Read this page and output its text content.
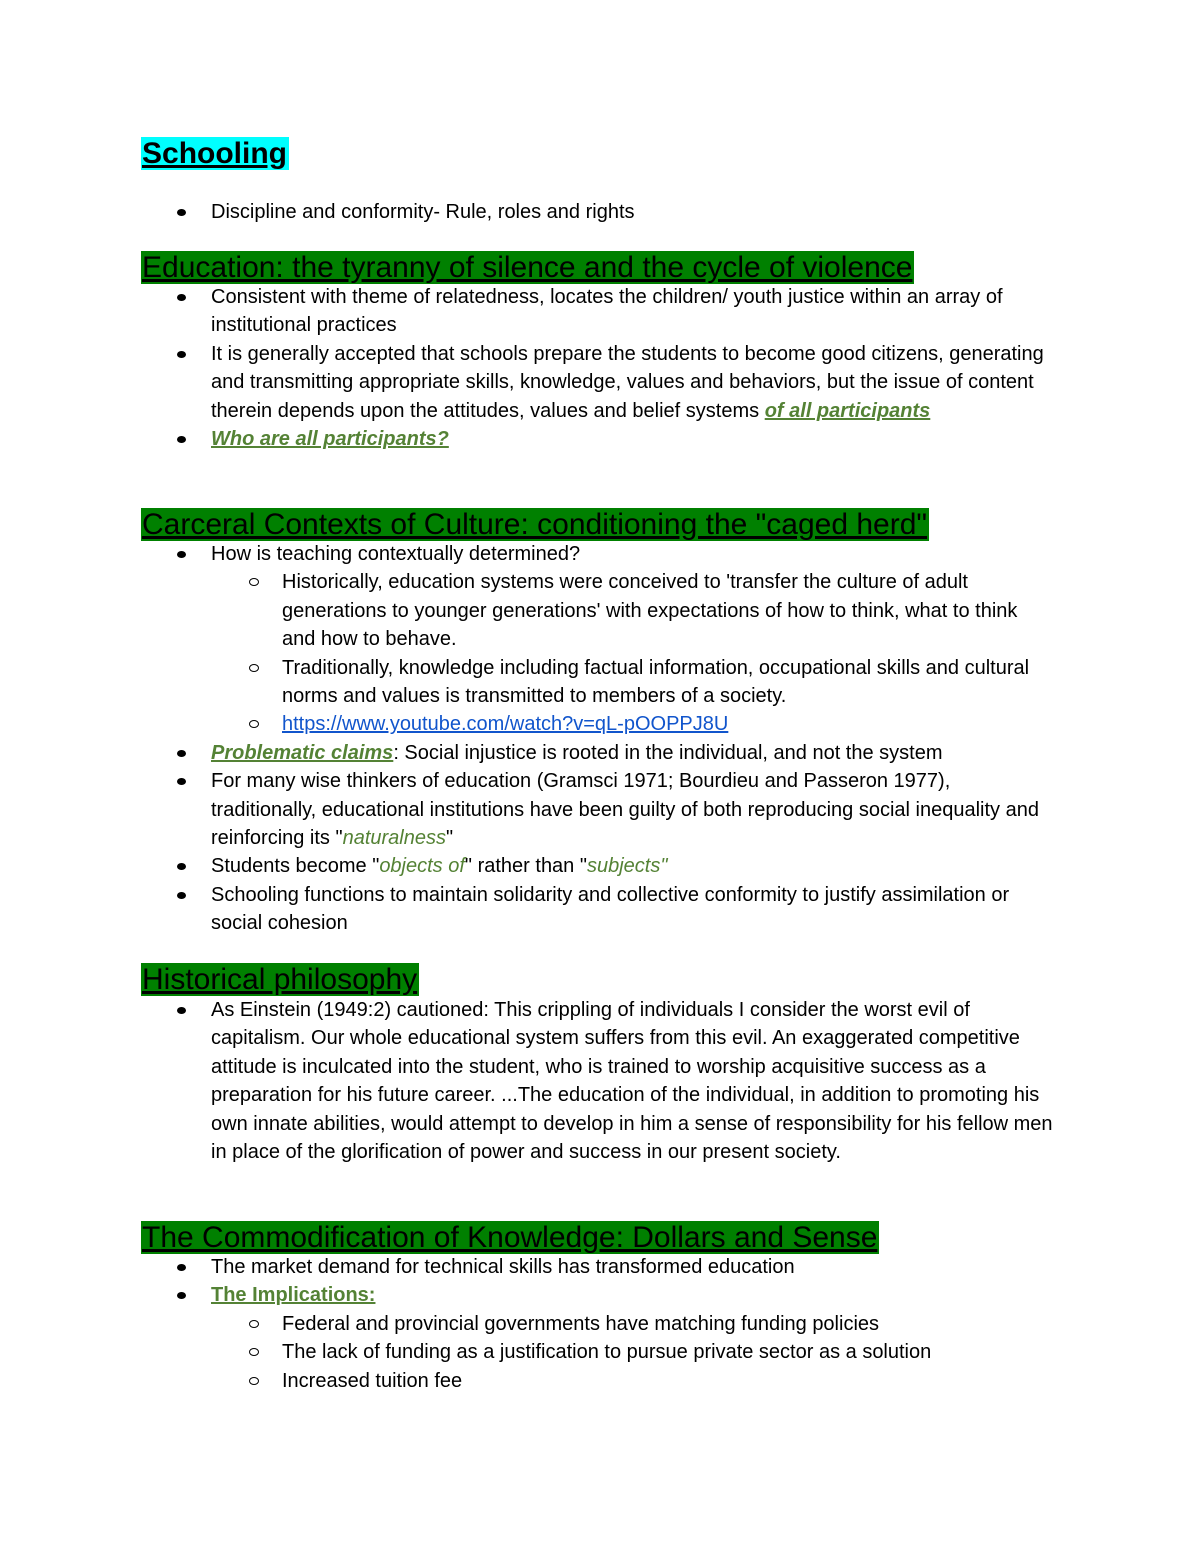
Schooling
Discipline and conformity- Rule, roles and rights
Education: the tyranny of silence and the cycle of violence
Consistent with theme of relatedness, locates the children/ youth justice within an array of institutional practices
It is generally accepted that schools prepare the students to become good citizens, generating and transmitting appropriate skills, knowledge, values and behaviors, but the issue of content therein depends upon the attitudes, values and belief systems of all participants
Who are all participants?
Carceral Contexts of Culture: conditioning the "caged herd"
How is teaching contextually determined?
Historically, education systems were conceived to 'transfer the culture of adult generations to younger generations' with expectations of how to think, what to think and how to behave.
Traditionally, knowledge including factual information, occupational skills and cultural norms and values is transmitted to members of a society.
https://www.youtube.com/watch?v=qL-pOOPPJ8U
Problematic claims: Social injustice is rooted in the individual, and not the system
For many wise thinkers of education (Gramsci 1971; Bourdieu and Passeron 1977), traditionally, educational institutions have been guilty of both reproducing social inequality and reinforcing its "naturalness"
Students become "objects of" rather than "subjects"
Schooling functions to maintain solidarity and collective conformity to justify assimilation or social cohesion
Historical philosophy
As Einstein (1949:2) cautioned: This crippling of individuals I consider the worst evil of capitalism. Our whole educational system suffers from this evil. An exaggerated competitive attitude is inculcated into the student, who is trained to worship acquisitive success as a preparation for his future career. ...The education of the individual, in addition to promoting his own innate abilities, would attempt to develop in him a sense of responsibility for his fellow men in place of the glorification of power and success in our present society.
The Commodification of Knowledge: Dollars and Sense
The market demand for technical skills has transformed education
The Implications:
Federal and provincial governments have matching funding policies
The lack of funding as a justification to pursue private sector as a solution
Increased tuition fee
